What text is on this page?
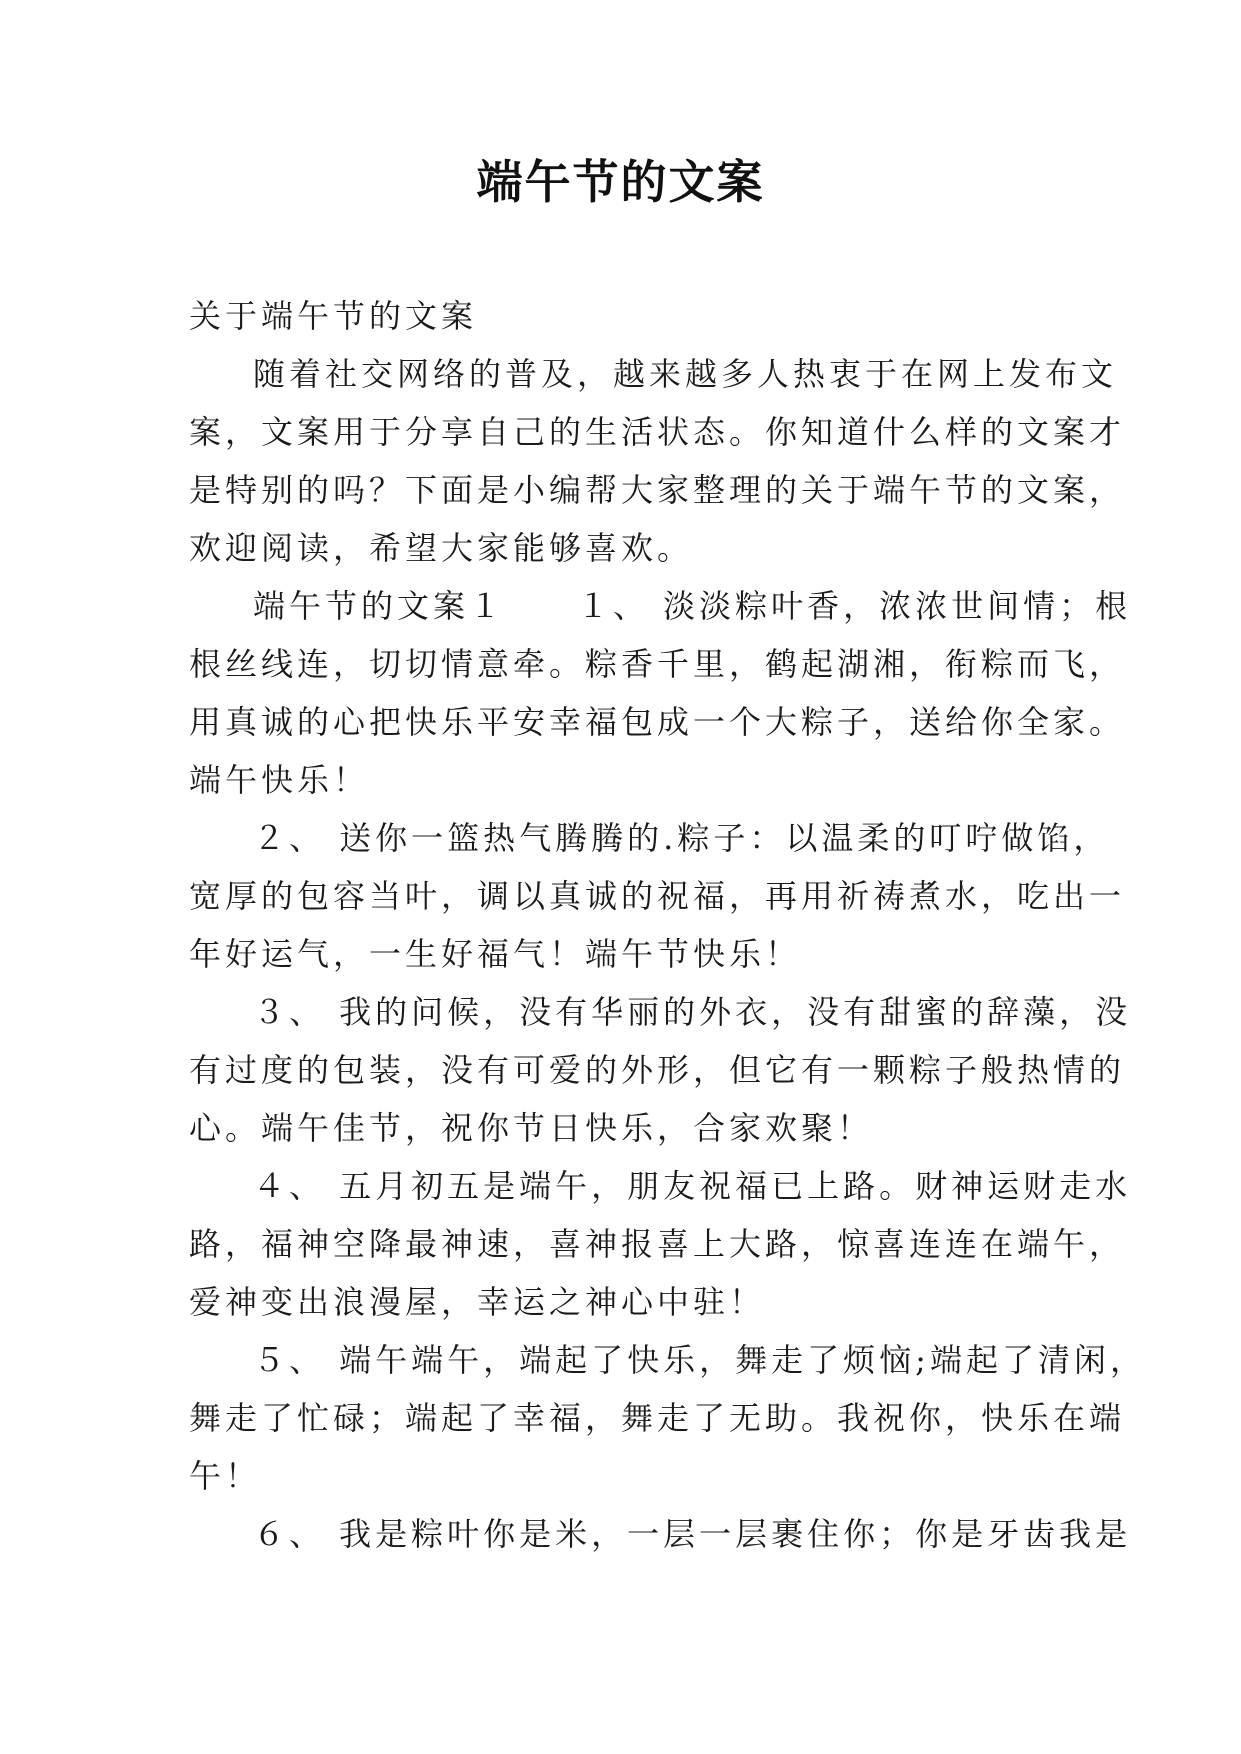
端午节的文案
关于端午节的文案
随着社交网络的普及，越来越多人热衷于在网上发布文
案，文案用于分享自己的生活状态。你知道什么样的文案才
是特别的吗？下面是小编帮大家整理的关于端午节的文案，
欢迎阅读，希望大家能够喜欢。
端午节的文案１　　１、 淡淡粽叶香，浓浓世间情；根
根丝线连，切切情意牵。粽香千里，鹤起湖湘，衔粽而飞，
用真诚的心把快乐平安幸福包成一个大粽子，送给你全家。
端午快乐！
２、 送你一篮热气腾腾的.粽子：以温柔的叮咛做馅，
宽厚的包容当叶，调以真诚的祝福，再用祈祷煮水，吃出一
年好运气，一生好福气！端午节快乐！
３、 我的问候，没有华丽的外衣，没有甜蜜的辞藻，没
有过度的包装，没有可爱的外形，但它有一颗粽子般热情的
心。端午佳节，祝你节日快乐，合家欢聚！
４、 五月初五是端午，朋友祝福已上路。财神运财走水
路，福神空降最神速，喜神报喜上大路，惊喜连连在端午，
爱神变出浪漫屋，幸运之神心中驻！
５、 端午端午，端起了快乐，舞走了烦恼;端起了清闲，
舞走了忙碌；端起了幸福，舞走了无助。我祝你，快乐在端
午！
６、 我是粽叶你是米，一层一层裹住你；你是牙齿我是
